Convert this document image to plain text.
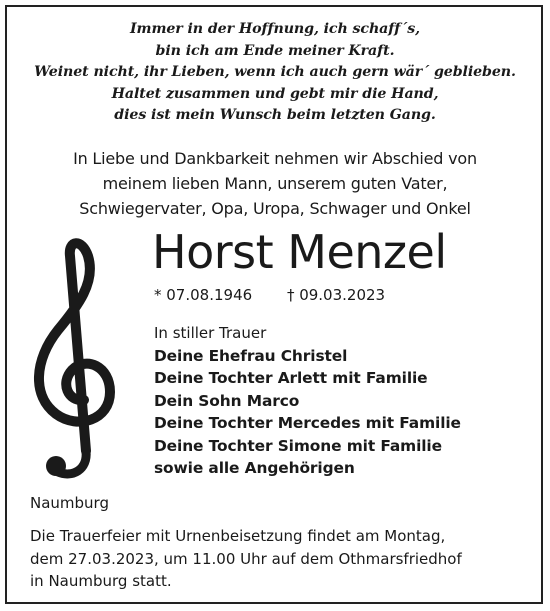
Immer in der Hoffnung, ich schaff´s,
bin ich am Ende meiner Kraft.
Weinet nicht, ihr Lieben, wenn ich auch gern wär´ geblieben.
Haltet zusammen und gebt mir die Hand,
dies ist mein Wunsch beim letzten Gang.
In Liebe und Dankbarkeit nehmen wir Abschied von
meinem lieben Mann, unserem guten Vater,
Schwiegervater, Opa, Uropa, Schwager und Onkel
Horst Menzel
* 07.08.1946 † 09.03.2023
In stiller Trauer
Deine Ehefrau Christel
Deine Tochter Arlett mit Familie
Dein Sohn Marco
Deine Tochter Mercedes mit Familie
Deine Tochter Simone mit Familie
sowie alle Angehörigen
Naumburg
Die Trauerfeier mit Urnenbeisetzung findet am Montag,
dem 27.03.2023, um 11.00 Uhr auf dem Othmarsfriedhof
in Naumburg statt.
